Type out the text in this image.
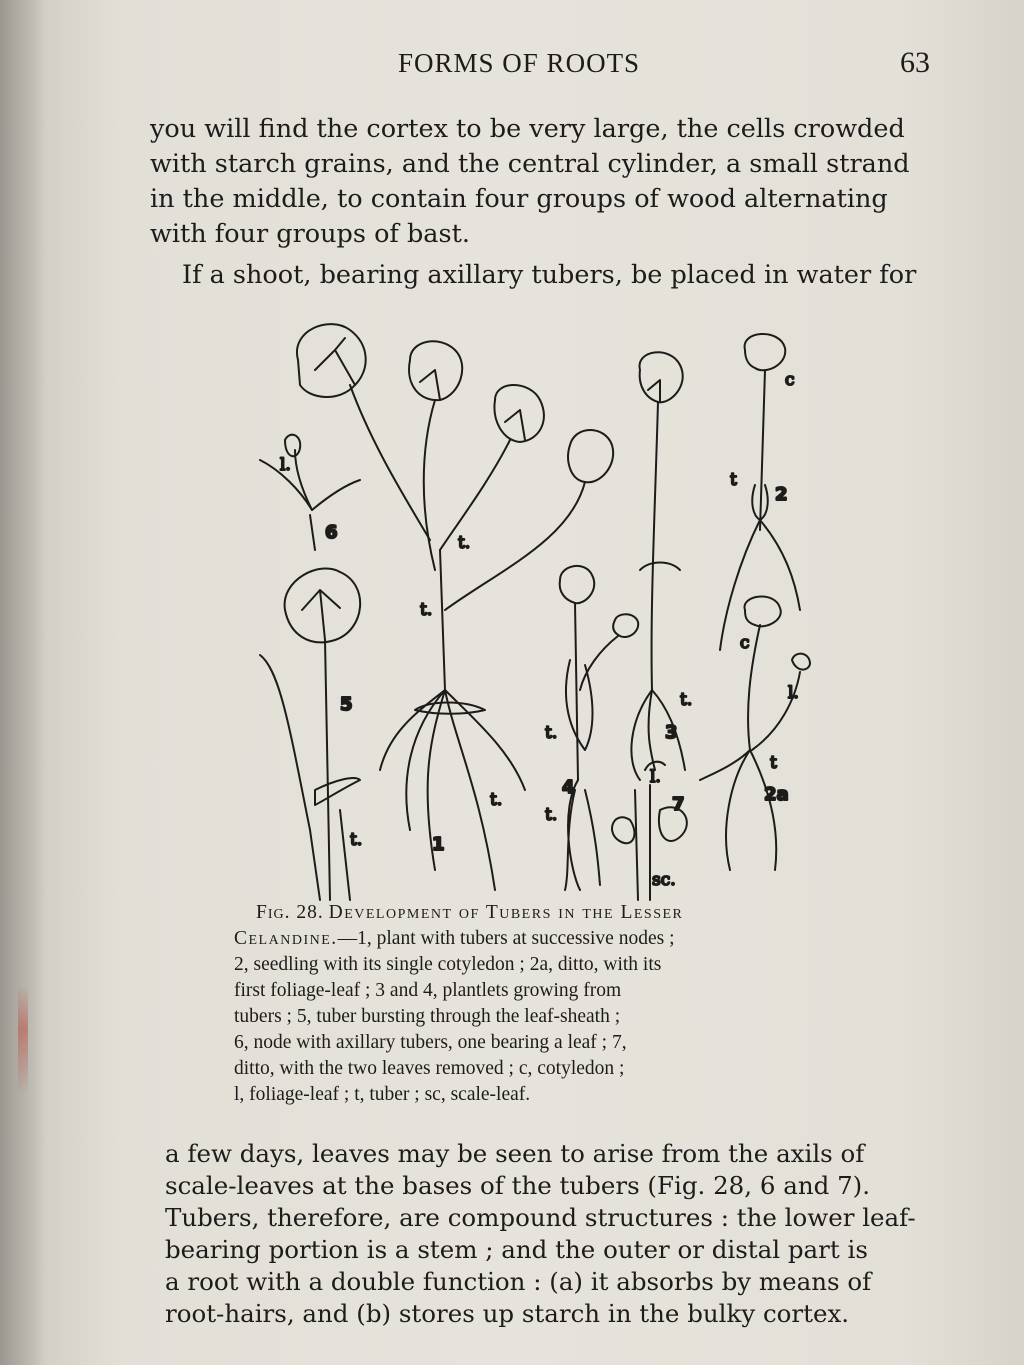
FORMS OF ROOTS	63

you will find the cortex to be very large, the cells crowded
with starch grains, and the central cylinder, a small strand
in the middle, to contain four groups of wood alternating
with four groups of bast.

If a shoot, bearing axillary tubers, be placed in water for

6
l.
t.
t.
5
t.	1
t.
t.
4
t.
3
t.
l.
7
sc.
c
t
2
c
l.
t
2a
Fig. 28. Development of Tubers in the Lesser
Celandine.—1, plant with tubers at successive nodes ;
2, seedling with its single cotyledon ; 2a, ditto, with its
first foliage-leaf ; 3 and 4, plantlets growing from
tubers ; 5, tuber bursting through the leaf-sheath ;
6, node with axillary tubers, one bearing a leaf ; 7,
ditto, with the two leaves removed ; c, cotyledon ;
l, foliage-leaf ; t, tuber ; sc, scale-leaf.

a few days, leaves may be seen to arise from the axils of
scale-leaves at the bases of the tubers (Fig. 28, 6 and 7).
Tubers, therefore, are compound structures : the lower leaf-
bearing portion is a stem ; and the outer or distal part is
a root with a double function : (a) it absorbs by means of
root-hairs, and (b) stores up starch in the bulky cortex.
